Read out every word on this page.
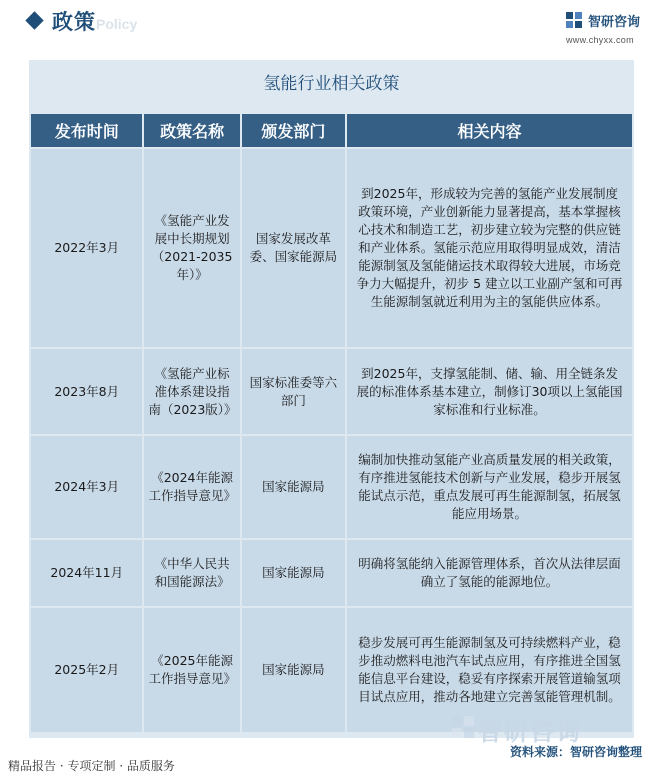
政策 Policy	智研咨询
www.chyxx.com
氢能行业相关政策
发布时间	政策名称	颁发部门	相关内容
2022年3月	《氢能产业发展中长期规划（2021-2035年）》	国家发展改革委、国家能源局	到2025年，形成较为完善的氢能产业发展制度政策环境，产业创新能力显著提高，基本掌握核心技术和制造工艺，初步建立较为完整的供应链和产业体系。氢能示范应用取得明显成效，清洁能源制氢及氢能储运技术取得较大进展，市场竞争力大幅提升，初步 5 建立以工业副产氢和可再生能源制氢就近利用为主的氢能供应体系。
2023年8月	《氢能产业标准体系建设指南（2023版）》	国家标准委等六部门	到2025年，支撑氢能制、储、输、用全链条发展的标准体系基本建立，制修订30项以上氢能国家标准和行业标准。
2024年3月	《2024年能源工作指导意见》	国家能源局	编制加快推动氢能产业高质量发展的相关政策，有序推进氢能技术创新与产业发展，稳步开展氢能试点示范，重点发展可再生能源制氢，拓展氢能应用场景。
2024年11月	《中华人民共和国能源法》	国家能源局	明确将氢能纳入能源管理体系，首次从法律层面确立了氢能的能源地位。
2025年2月	《2025年能源工作指导意见》	国家能源局	稳步发展可再生能源制氢及可持续燃料产业，稳步推动燃料电池汽车试点应用，有序推进全国氢能信息平台建设，稳妥有序探索开展管道输氢项目试点应用，推动各地建立完善氢能管理机制。
智研咨询
精品报告 · 专项定制 · 品质服务
资料来源：智研咨询整理
